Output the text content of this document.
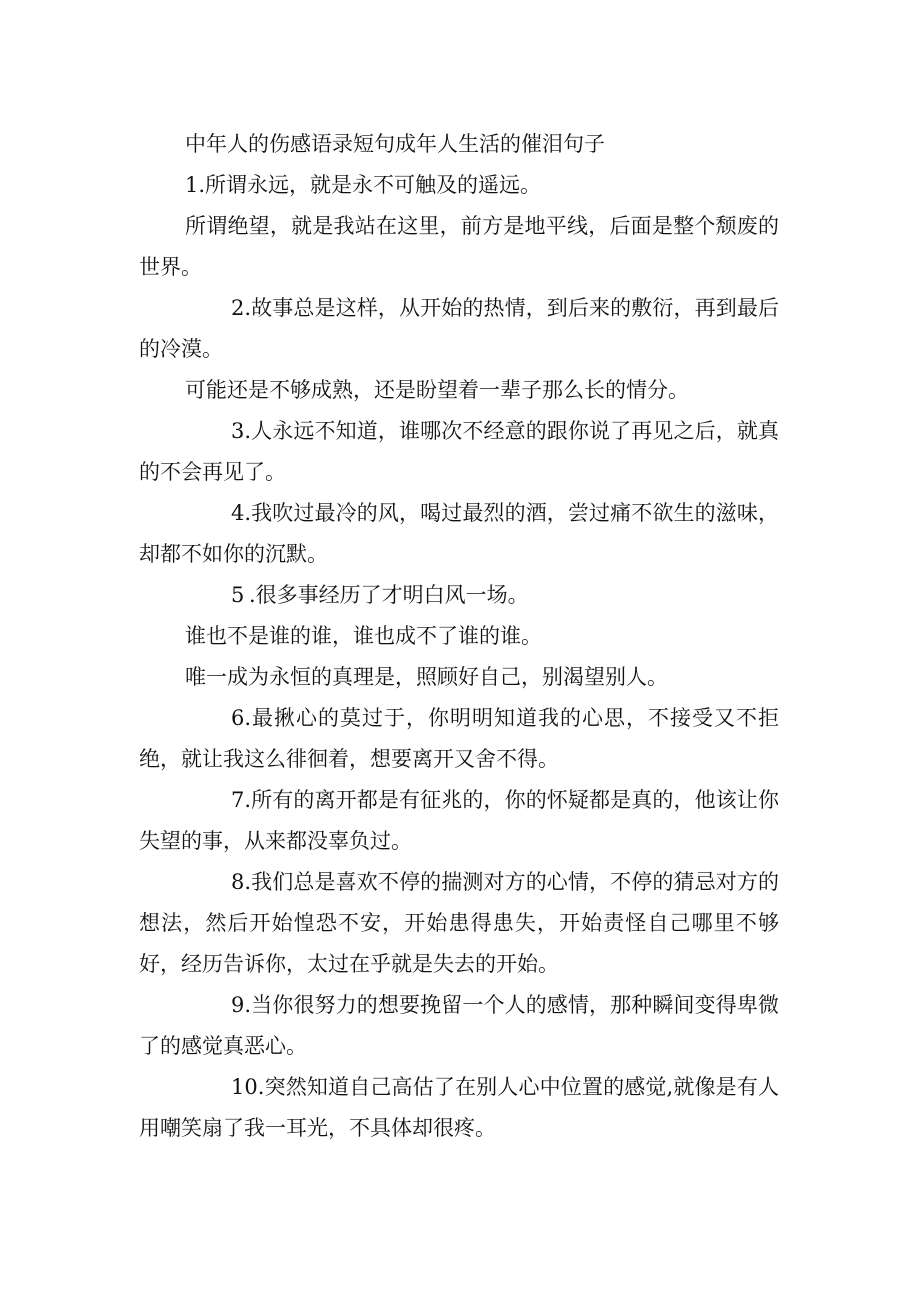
中年人的伤感语录短句成年人生活的催泪句子

1.所谓永远，就是永不可触及的遥远。

所谓绝望，就是我站在这里，前方是地平线，后面是整个颓废的世界。

2.故事总是这样，从开始的热情，到后来的敷衍，再到最后的冷漠。

可能还是不够成熟，还是盼望着一辈子那么长的情分。

3.人永远不知道，谁哪次不经意的跟你说了再见之后，就真的不会再见了。

4.我吹过最冷的风，喝过最烈的酒，尝过痛不欲生的滋味，却都不如你的沉默。

5 .很多事经历了才明白风一场。

谁也不是谁的谁，谁也成不了谁的谁。

唯一成为永恒的真理是，照顾好自己，别渴望别人。

6.最揪心的莫过于，你明明知道我的心思，不接受又不拒绝，就让我这么徘徊着，想要离开又舍不得。

7.所有的离开都是有征兆的，你的怀疑都是真的，他该让你失望的事，从来都没辜负过。

8.我们总是喜欢不停的揣测对方的心情，不停的猜忌对方的想法，然后开始惶恐不安，开始患得患失，开始责怪自己哪里不够好，经历告诉你，太过在乎就是失去的开始。

9.当你很努力的想要挽留一个人的感情，那种瞬间变得卑微了的感觉真恶心。

10.突然知道自己高估了在别人心中位置的感觉,就像是有人用嘲笑扇了我一耳光，不具体却很疼。
